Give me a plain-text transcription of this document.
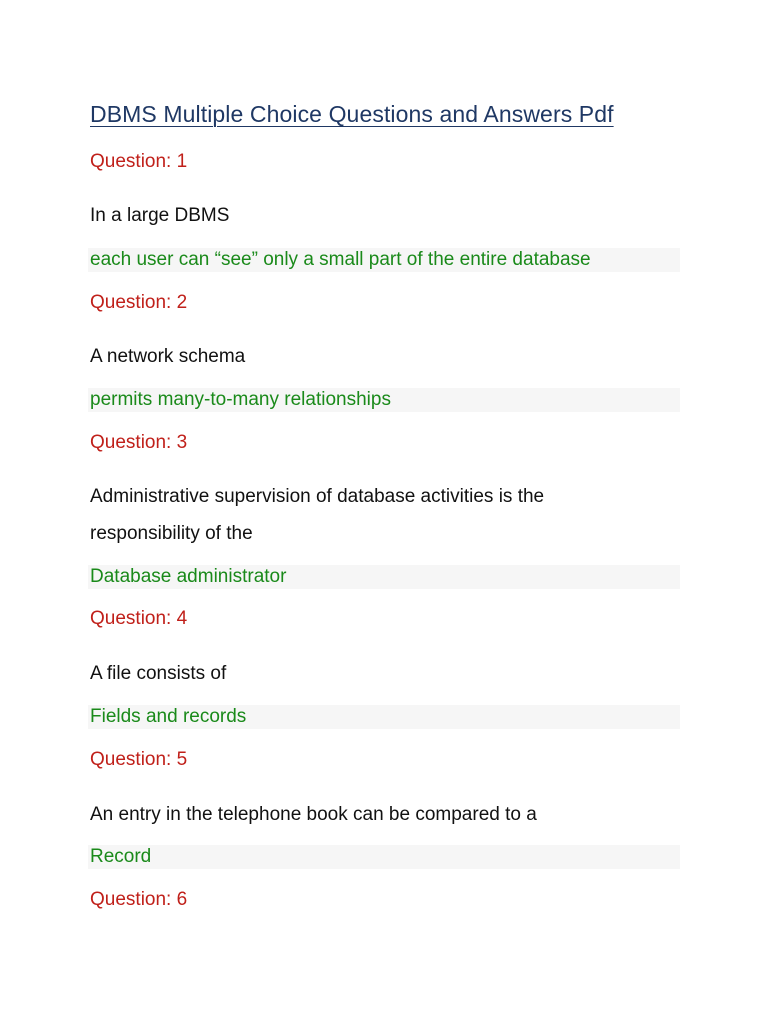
DBMS Multiple Choice Questions and Answers Pdf
Question: 1
In a large DBMS
each user can “see” only a small part of the entire database
Question: 2
A network schema
permits many-to-many relationships
Question: 3
Administrative supervision of database activities is the responsibility of the
Database administrator
Question: 4
A file consists of
Fields and records
Question: 5
An entry in the telephone book can be compared to a
Record
Question: 6
